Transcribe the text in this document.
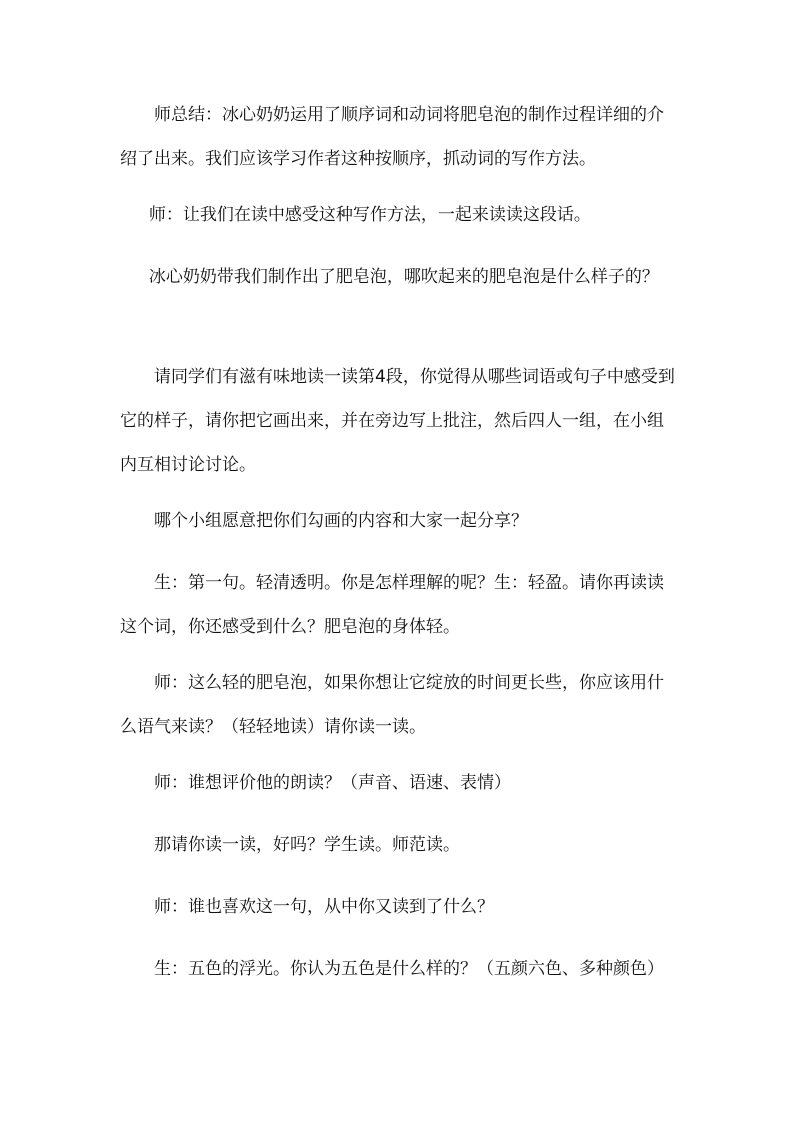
师总结：冰心奶奶运用了顺序词和动词将肥皂泡的制作过程详细的介绍了出来。我们应该学习作者这种按顺序，抓动词的写作方法。

师：让我们在读中感受这种写作方法，一起来读读这段话。

冰心奶奶带我们制作出了肥皂泡，哪吹起来的肥皂泡是什么样子的？

请同学们有滋有味地读一读第4段，你觉得从哪些词语或句子中感受到它的样子，请你把它画出来，并在旁边写上批注，然后四人一组，在小组内互相讨论讨论。

哪个小组愿意把你们勾画的内容和大家一起分享？

生：第一句。轻清透明。你是怎样理解的呢？生：轻盈。请你再读读这个词，你还感受到什么？肥皂泡的身体轻。

师：这么轻的肥皂泡，如果你想让它绽放的时间更长些，你应该用什么语气来读？（轻轻地读）请你读一读。

师：谁想评价他的朗读？（声音、语速、表情）

那请你读一读，好吗？学生读。师范读。

师：谁也喜欢这一句，从中你又读到了什么？

生：五色的浮光。你认为五色是什么样的？（五颜六色、多种颜色）
